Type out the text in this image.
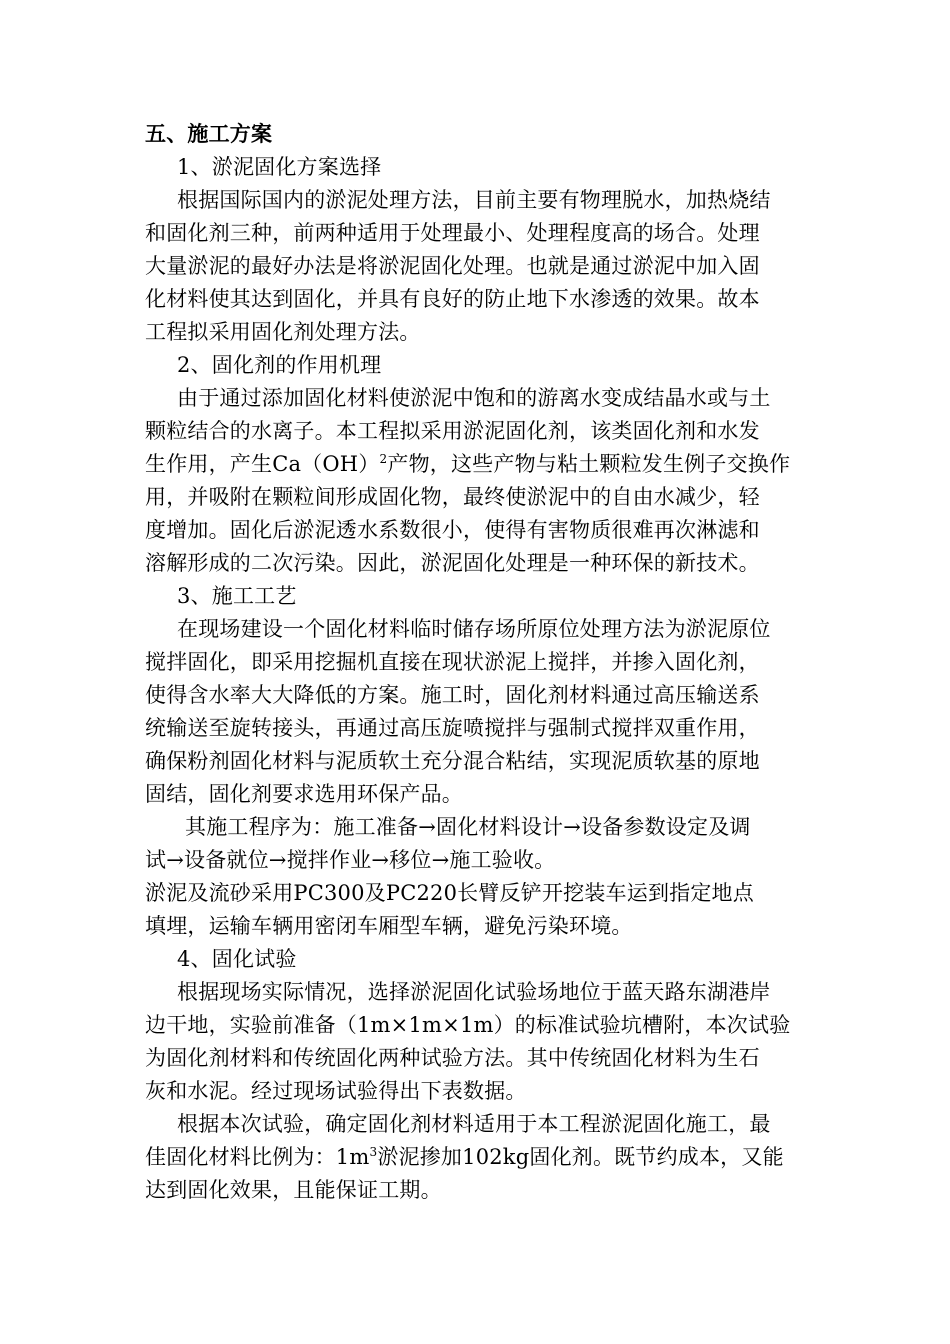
五、施工方案
1、淤泥固化方案选择
根据国际国内的淤泥处理方法，目前主要有物理脱水，加热烧结
和固化剂三种，前两种适用于处理最小、处理程度高的场合。处理
大量淤泥的最好办法是将淤泥固化处理。也就是通过淤泥中加入固
化材料使其达到固化，并具有良好的防止地下水渗透的效果。故本
工程拟采用固化剂处理方法。
2、固化剂的作用机理
由于通过添加固化材料使淤泥中饱和的游离水变成结晶水或与土
颗粒结合的水离子。本工程拟采用淤泥固化剂，该类固化剂和水发
生作用，产生Ca（OH）$^2$产物，这些产物与粘土颗粒发生例子交换作
用，并吸附在颗粒间形成固化物，最终使淤泥中的自由水减少，轻
度增加。固化后淤泥透水系数很小，使得有害物质很难再次淋滤和
溶解形成的二次污染。因此，淤泥固化处理是一种环保的新技术。
3、施工工艺
在现场建设一个固化材料临时储存场所原位处理方法为淤泥原位
搅拌固化，即采用挖掘机直接在现状淤泥上搅拌，并掺入固化剂，
使得含水率大大降低的方案。施工时，固化剂材料通过高压输送系
统输送至旋转接头，再通过高压旋喷搅拌与强制式搅拌双重作用，
确保粉剂固化材料与泥质软土充分混合粘结，实现泥质软基的原地
固结，固化剂要求选用环保产品。
其施工程序为：施工准备→固化材料设计→设备参数设定及调
试→设备就位→搅拌作业→移位→施工验收。
淤泥及流砂采用PC300及PC220长臂反铲开挖装车运到指定地点
填埋，运输车辆用密闭车厢型车辆，避免污染环境。
4、固化试验
根据现场实际情况，选择淤泥固化试验场地位于蓝天路东湖港岸
边干地，实验前准备（1m×1m×1m）的标准试验坑槽附，本次试验
为固化剂材料和传统固化两种试验方法。其中传统固化材料为生石
灰和水泥。经过现场试验得出下表数据。
根据本次试验，确定固化剂材料适用于本工程淤泥固化施工，最
佳固化材料比例为：$1m^3$淤泥掺加102kg固化剂。既节约成本，又能
达到固化效果，且能保证工期。
